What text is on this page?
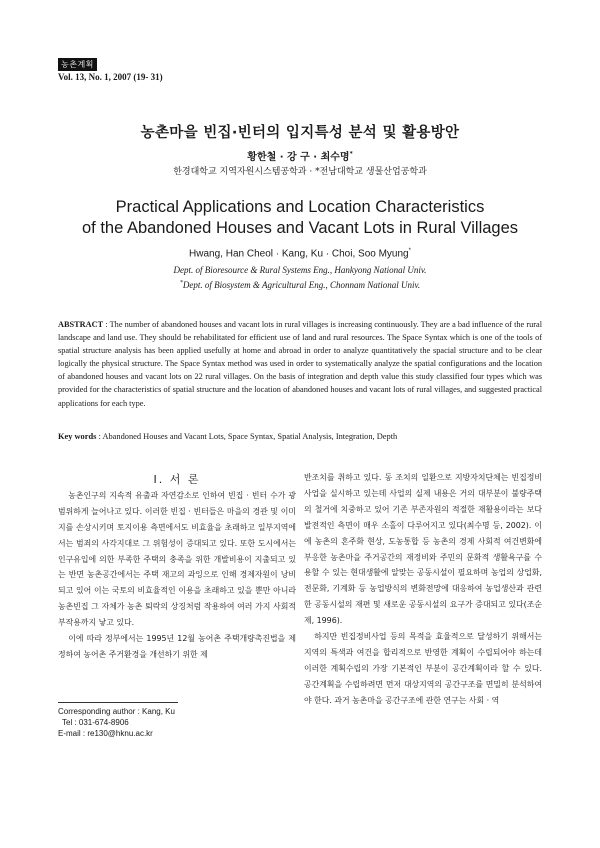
농촌계획
Vol. 13, No. 1, 2007 (19- 31)
농촌마을 빈집·빈터의 입지특성 분석 및 활용방안
황한철 · 강 구 · 최수명*
한경대학교 지역자원시스템공학과 · *전남대학교 생물산업공학과
Practical Applications and Location Characteristics
of the Abandoned Houses and Vacant Lots in Rural Villages
Hwang, Han Cheol · Kang, Ku · Choi, Soo Myung*
Dept. of Bioresource & Rural Systems Eng., Hankyong National Univ.
*Dept. of Biosystem & Agricultural Eng., Chonnam National Univ.
ABSTRACT : The number of abandoned houses and vacant lots in rural villages is increasing continuously. They are a bad influence of the rural landscape and land use. They should be rehabilitated for efficient use of land and rural resources. The Space Syntax which is one of the tools of spatial structure analysis has been applied usefully at home and abroad in order to analyze quantitatively the spacial structure and to be clear logically the physical structure. The Space Syntax method was used in order to systematically analyze the spatial configurations and the location of abandoned houses and vacant lots on 22 rural villages. On the basis of integration and depth value this study classified four types which was provided for the characteristics of spatial structure and the location of abandoned houses and vacant lots of rural villages, and suggested practical applications for each type.
Key words : Abandoned Houses and Vacant Lots, Space Syntax, Spatial Analysis, Integration, Depth

Ⅰ. 서 론

농촌인구의 지속적 유출과 자연감소로 인하여 빈집 · 빈터 수가 광범위하게 늘어나고 있다. 이러한 빈집 · 빈터들은 마을의 경관 및 이미지를 손상시키며 토지이용 측면에서도 비효율을 초래하고 일부지역에서는 범죄의 사각지대로 그 위험성이 증대되고 있다. 또한 도시에서는 인구유입에 의한 부족한 주택의 충족을 위한 개발비용이 지출되고 있는 반면 농촌공간에서는 주택 재고의 과잉으로 인해 경제자원이 낭비되고 있어 이는 국토의 비효율적인 이용을 초래하고 있을 뿐만 아니라 농촌빈집 그 자체가 농촌 퇴락의 상징처럼 작용하여 여러 가지 사회적 부작용까지 낳고 있다.

이에 따라 정부에서는 1995년 12월 농어촌 주택개량촉진법을 제정하여 농어촌 주거환경을 개선하기 위한 제

반조치를 취하고 있다. 동 조치의 일환으로 지방자치단체는 빈집정비사업을 실시하고 있는데 사업의 실제 내용은 거의 대부분이 불량주택의 철거에 치중하고 있어 기존 부존자원의 적절한 재활용이라는 보다 발전적인 측면이 매우 소홀이 다루어지고 있다(최수명 등, 2002). 이에 농촌의 혼주화 현상, 도농통합 등 농촌의 경제 사회적 여건변화에 부응한 농촌마을 주거공간의 재정비와 주민의 문화적 생활욕구를 수용할 수 있는 현대생활에 알맞는 공동시설이 필요하며 농업의 상업화, 전문화, 기계화 등 농업방식의 변화전망에 대응하여 농업생산과 관련한 공동시설의 재편 및 새로운 공동시설의 요구가 증대되고 있다(조순제, 1996).

하지만 빈집정비사업 등의 목적을 효율적으로 달성하기 위해서는 지역의 특색과 여건을 합리적으로 반영한 계획이 수립되어야 하는데 이러한 계획수립의 가장 기본적인 부분이 공간계획이라 할 수 있다. 공간계획을 수립하려면 먼저 대상지역의 공간구조를 면밀히 분석하여야 한다. 과거 농촌마을 공간구조에 관한 연구는 사회 · 역

Corresponding author : Kang, Ku
Tel : 031-674-8906
E-mail : re130@hknu.ac.kr
